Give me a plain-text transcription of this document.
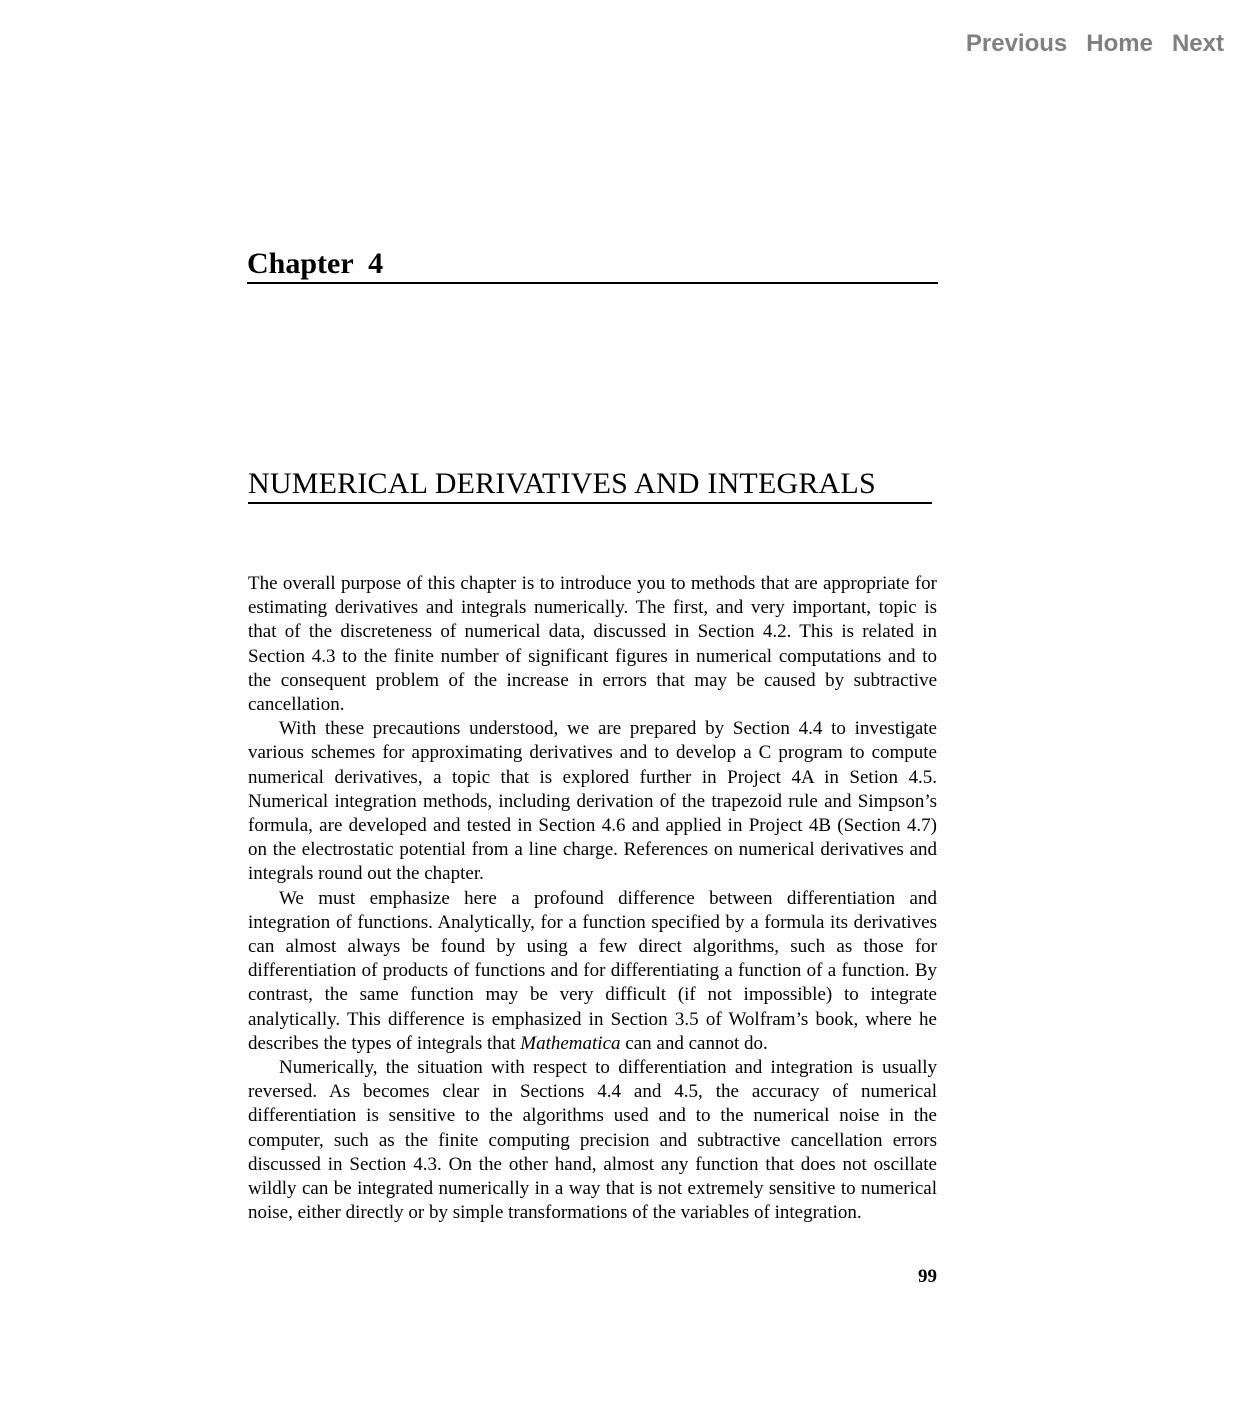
Previous Home Next
Chapter  4
NUMERICAL DERIVATIVES AND INTEGRALS

The overall purpose of this chapter is to introduce you to methods that are appropriate for estimating derivatives and integrals numerically. The first, and very important, topic is that of the discreteness of numerical data, discussed in Section 4.2. This is related in Section 4.3 to the finite number of significant figures in numerical computations and to the consequent problem of the increase in errors that may be caused by subtractive cancellation.

With these precautions understood, we are prepared by Section 4.4 to investigate various schemes for approximating derivatives and to develop a C program to compute numerical derivatives, a topic that is explored further in Project 4A in Setion 4.5. Numerical integration methods, including derivation of the trapezoid rule and Simpson’s formula, are developed and tested in Section 4.6 and applied in Project 4B (Section 4.7) on the electrostatic potential from a line charge. References on numerical derivatives and integrals round out the chapter.

We must emphasize here a profound difference between differentiation and integration of functions. Analytically, for a function specified by a formula its derivatives can almost always be found by using a few direct algorithms, such as those for differentiation of products of functions and for differentiating a function of a function. By contrast, the same function may be very difficult (if not impossible) to integrate analytically. This difference is emphasized in Section 3.5 of Wolfram’s book, where he describes the types of integrals that Mathematica can and cannot do.

Numerically, the situation with respect to differentiation and integration is usually reversed. As becomes clear in Sections 4.4 and 4.5, the accuracy of numerical differentiation is sensitive to the algorithms used and to the numerical noise in the computer, such as the finite computing precision and subtractive cancellation errors discussed in Section 4.3. On the other hand, almost any function that does not oscillate wildly can be integrated numerically in a way that is not extremely sensitive to numerical noise, either directly or by simple transformations of the variables of integration.

99
